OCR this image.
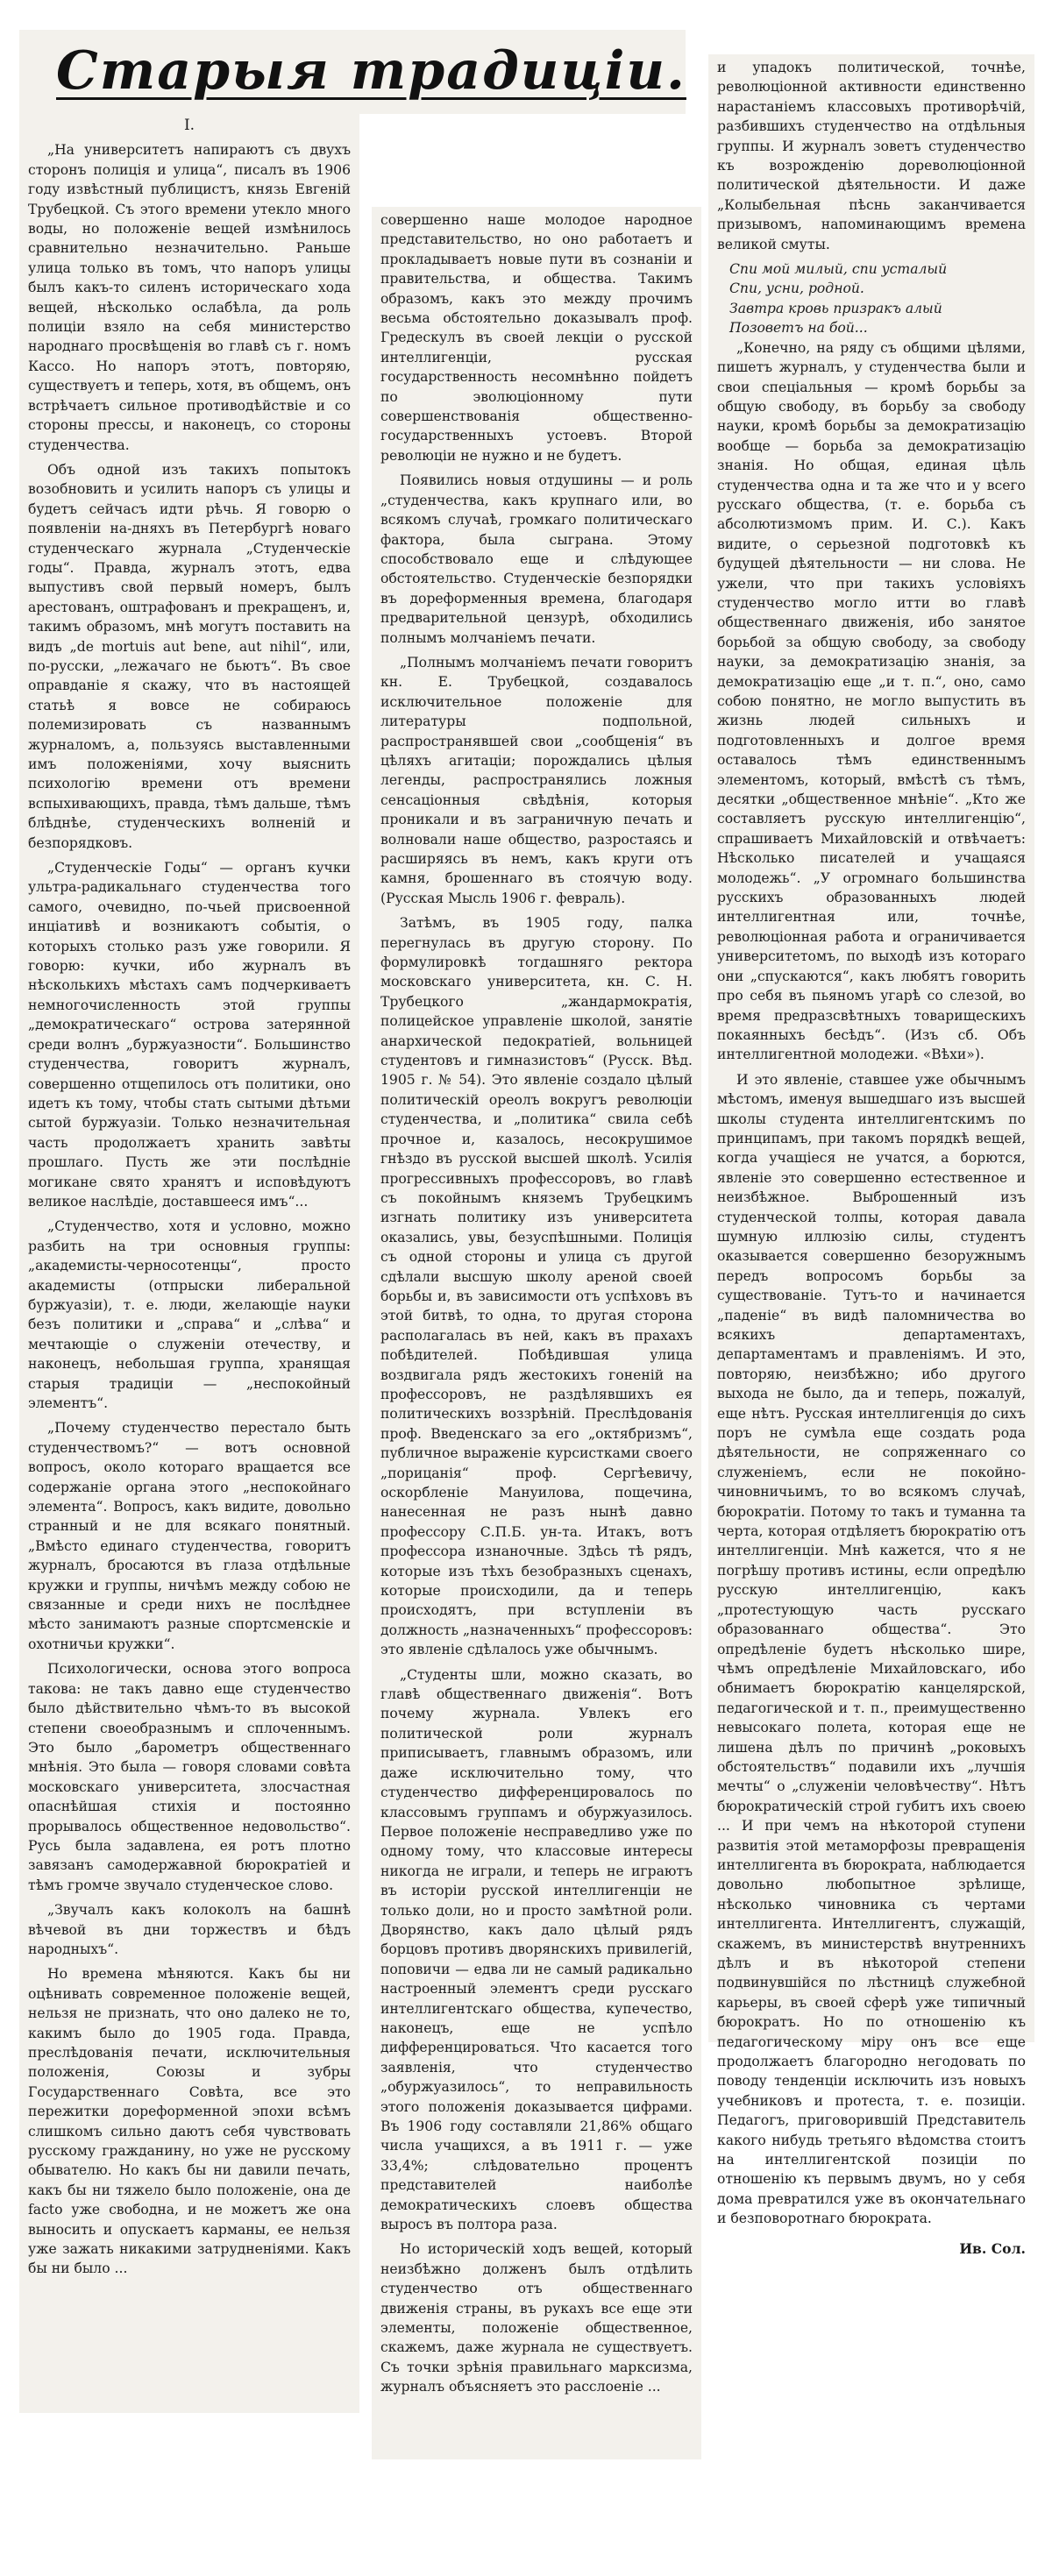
Старыя традиціи.

I.

„На университетъ напираютъ съ двухъ сторонъ полиція и улица“, писалъ въ 1906 году извѣстный публицистъ, князь Евгеній Трубецкой. Съ этого времени утекло много воды, но положеніе вещей измѣнилось сравнительно незначительно. Раньше улица только въ томъ, что напоръ улицы былъ какъ-то силенъ историческаго хода вещей, нѣсколько ослабѣла, да роль полиціи взяло на себя министерство народнаго просвѣщенія во главѣ съ г. номъ Кассо. Но напоръ этотъ, повторяю, существуетъ и теперь, хотя, въ общемъ, онъ встрѣчаетъ сильное противодѣйствіе и со стороны прессы, и наконецъ, со стороны студенчества.

Объ одной изъ такихъ попытокъ возобновить и усилить напоръ съ улицы и будетъ сейчасъ идти рѣчь. Я говорю о появленіи на-дняхъ въ Петербургѣ новаго студенческаго журнала „Студенческіе годы“. Правда, журналъ этотъ, едва выпустивъ свой первый номеръ, былъ арестованъ, оштрафованъ и прекращенъ, и, такимъ образомъ, мнѣ могутъ поставить на видъ „de mortuis aut bene, aut nihil“, или, по-русски, „лежачаго не бьютъ“. Въ свое оправданіе я скажу, что въ настоящей статьѣ я вовсе не собираюсь полемизировать съ названнымъ журналомъ, а, пользуясь выставленными имъ положеніями, хочу выяснить психологію времени отъ времени вспыхивающихъ, правда, тѣмъ дальше, тѣмъ блѣднѣе, студенческихъ волненій и безпорядковъ.

„Студенческіе Годы“ — органъ кучки ультра-радикальнаго студенчества того самого, очевидно, по-чьей присвоенной инціативѣ и возникаютъ событія, о которыхъ столько разъ уже говорили. Я говорю: кучки, ибо журналъ въ нѣсколькихъ мѣстахъ самъ подчеркиваетъ немногочисленность этой группы „демократическаго“ острова затерянной среди волнъ „буржуазности“. Большинство студенчества, говоритъ журналъ, совершенно отщепилось отъ политики, оно идетъ къ тому, чтобы стать сытыми дѣтьми сытой буржуазіи. Только незначительная часть продолжаетъ хранить завѣты прошлаго. Пусть же эти послѣдніе могикане свято хранятъ и исповѣдуютъ великое наслѣдіе, доставшееся имъ“...

„Студенчество, хотя и условно, можно разбить на три основныя группы: „академисты-черносотенцы“, просто академисты (отпрыски либеральной буржуазіи), т. е. люди, желающіе науки безъ политики и „справа“ и „слѣва“ и мечтающіе о служеніи отечеству, и наконецъ, небольшая группа, хранящая старыя традиціи — „неспокойный элементъ“.

„Почему студенчество перестало быть студенчествомъ?“ — вотъ основной вопросъ, около котораго вращается все содержаніе органа этого „неспокойнаго элемента“. Вопросъ, какъ видите, довольно странный и не для всякаго понятный. „Вмѣсто единаго студенчества, говоритъ журналъ, бросаются въ глаза отдѣльные кружки и группы, ничѣмъ между собою не связанные и среди нихъ не послѣднее мѣсто занимаютъ разные спортсменскіе и охотничьи кружки“.

Психологически, основа этого вопроса такова: не такъ давно еще студенчество было дѣйствительно чѣмъ-то въ высокой степени своеобразнымъ и сплоченнымъ. Это было „барометръ общественнаго мнѣнія. Это была — говоря словами совѣта московскаго университета, злосчастная опаснѣйшая стихія и постоянно прорывалось общественное недовольство“. Русь была задавлена, ея ротъ плотно завязанъ самодержавной бюрократіей и тѣмъ громче звучало студенческое слово.

„Звучалъ какъ колоколъ на башнѣ вѣчевой въ дни торжествъ и бѣдъ народныхъ“.

Но времена мѣняются. Какъ бы ни оцѣнивать современное положеніе вещей, нельзя не признать, что оно далеко не то, какимъ было до 1905 года. Правда, преслѣдованія печати, исключительныя положенія, Союзы и зубры Государственнаго Совѣта, все это пережитки дореформенной эпохи всѣмъ слишкомъ сильно даютъ себя чувствовать русскому гражданину, но уже не русскому обывателю. Но какъ бы ни давили печать, какъ бы ни тяжело было положеніе, она де facto уже свободна, и не можетъ же она выносить и опускаетъ карманы, ее нельзя уже зажать никакими затрудненіями. Какъ бы ни было ...

совершенно наше молодое народное представительство, но оно работаетъ и прокладываетъ новые пути въ сознаніи и правительства, и общества. Такимъ образомъ, какъ это между прочимъ весьма обстоятельно доказывалъ проф. Гредескулъ въ своей лекціи о русской интеллигенціи, русская государственность несомнѣнно пойдетъ по эволюціонному пути совершенствованія общественно-государственныхъ устоевъ. Второй революціи не нужно и не будетъ.

Появились новыя отдушины — и роль „студенчества, какъ крупнаго или, во всякомъ случаѣ, громкаго политическаго фактора, была сыграна. Этому способствовало еще и слѣдующее обстоятельство. Студенческіе безпорядки въ дореформенныя времена, благодаря предварительной цензурѣ, обходились полнымъ молчаніемъ печати.

„Полнымъ молчаніемъ печати говоритъ кн. Е. Трубецкой, создавалось исключительное положеніе для литературы подпольной, распространявшей свои „сообщенія“ въ цѣляхъ агитаціи; порождались цѣлыя легенды, распространялись ложныя сенсаціонныя свѣдѣнія, которыя проникали и въ заграничную печать и волновали наше общество, разростаясь и расширяясь въ немъ, какъ круги отъ камня, брошеннаго въ стоячую воду. (Русская Мысль 1906 г. февраль).

Затѣмъ, въ 1905 году, палка перегнулась въ другую сторону. По формулировкѣ тогдашняго ректора московскаго университета, кн. С. Н. Трубецкого „жандармократія, полицейское управленіе школой, занятіе анархической педократіей, вольницей студентовъ и гимназистовъ“ (Русск. Вѣд. 1905 г. № 54). Это явленіе создало цѣлый политическій ореолъ вокругъ революціи студенчества, и „политика“ свила себѣ прочное и, казалось, несокрушимое гнѣздо въ русской высшей школѣ. Усилія прогрессивныхъ профессоровъ, во главѣ съ покойнымъ княземъ Трубецкимъ изгнать политику изъ университета оказались, увы, безуспѣшными. Полиція съ одной стороны и улица съ другой сдѣлали высшую школу ареной своей борьбы и, въ зависимости отъ успѣховъ въ этой битвѣ, то одна, то другая сторона располагалась въ ней, какъ въ прахахъ побѣдителей. Побѣдившая улица воздвигала рядъ жестокихъ гоненій на профессоровъ, не раздѣлявшихъ ея политическихъ воззрѣній. Преслѣдованія проф. Введенскаго за его „октябризмъ“, публичное выраженіе курсистками своего „порицанія“ проф. Сергѣевичу, оскорбленіе Мануилова, пощечина, нанесенная не разъ нынѣ давно профессору С.П.Б. ун-та. Итакъ, вотъ профессора изнаночные. Здѣсь тѣ рядъ, которые изъ тѣхъ безобразныхъ сценахъ, которые происходили, да и теперь происходятъ, при вступленіи въ должность „назначенныхъ“ профессоровъ: это явленіе сдѣлалось уже обычнымъ.

„Студенты шли, можно сказать, во главѣ общественнаго движенія“. Вотъ почему журнала. Увлекъ его политической роли журналъ приписываетъ, главнымъ образомъ, или даже исключительно тому, что студенчество дифференцировалось по классовымъ группамъ и обуржуазилось. Первое положеніе несправедливо уже по одному тому, что классовые интересы никогда не играли, и теперь не играютъ въ исторіи русской интеллигенціи не только доли, но и просто замѣтной роли. Дворянство, какъ дало цѣлый рядъ борцовъ противъ дворянскихъ привилегій, поповичи — едва ли не самый радикально настроенный элементъ среди русскаго интеллигентскаго общества, купечество, наконецъ, еще не успѣло дифференцироваться. Что касается того заявленія, что студенчество „обуржуазилось“, то неправильность этого положенія доказывается цифрами. Въ 1906 году составляли 21,86% общаго числа учащихся, а въ 1911 г. — уже 33,4%; слѣдовательно процентъ представителей наиболѣе демократическихъ слоевъ общества выросъ въ полтора раза.

Но историческій ходъ вещей, который неизбѣжно долженъ былъ отдѣлить студенчество отъ общественнаго движенія страны, въ рукахъ все еще эти элементы, положеніе общественное, скажемъ, даже журнала не существуетъ. Съ точки зрѣнія правильнаго марксизма, журналъ объясняетъ это расслоеніе ...

и упадокъ политической, точнѣе, революціонной активности единственно нарастаніемъ классовыхъ противорѣчій, разбившихъ студенчество на отдѣльныя группы. И журналъ зоветъ студенчество къ возрожденію дореволюціонной политической дѣятельности. И даже „Колыбельная пѣснь заканчивается призывомъ, напоминающимъ времена великой смуты.

Спи мой милый, спи усталый

Спи, усни, родной.

Завтра кровь призракъ алый

Позоветъ на бой...

„Конечно, на ряду съ общими цѣлями, пишетъ журналъ, у студенчества были и свои спеціальныя — кромѣ борьбы за общую свободу, въ борьбу за свободу науки, кромѣ борьбы за демократизацію вообще — борьба за демократизацію знанія. Но общая, единая цѣль студенчества одна и та же что и у всего русскаго общества, (т. е. борьба съ абсолютизмомъ прим. И. С.). Какъ видите, о серьезной подготовкѣ къ будущей дѣятельности — ни слова. Не ужели, что при такихъ условіяхъ студенчество могло итти во главѣ общественнаго движенія, ибо занятое борьбой за общую свободу, за свободу науки, за демократизацію знанія, за демократизацію еще „и т. п.“, оно, само собою понятно, не могло выпустить въ жизнь людей сильныхъ и подготовленныхъ и долгое время оставалось тѣмъ единственнымъ элементомъ, который, вмѣстѣ съ тѣмъ, десятки „общественное мнѣніе“. „Кто же составляетъ русскую интеллигенцію“, спрашиваетъ Михайловскій и отвѣчаетъ: Нѣсколько писателей и учащаяся молодежь“. „У огромнаго большинства русскихъ образованныхъ людей интеллигентная или, точнѣе, революціонная работа и ограничивается университетомъ, по выходѣ изъ котораго они „спускаются“, какъ любятъ говорить про себя въ пьяномъ угарѣ со слезой, во время предразсвѣтныхъ товарищескихъ покаянныхъ бесѣдъ“. (Изъ сб. Объ интеллигентной молодежи. «Вѣхи»).

И это явленіе, ставшее уже обычнымъ мѣстомъ, именуя вышедшаго изъ высшей школы студента интеллигентскимъ по принципамъ, при такомъ порядкѣ вещей, когда учащіеся не учатся, а борются, явленіе это совершенно естественное и неизбѣжное. Выброшенный изъ студенческой толпы, которая давала шумную иллюзію силы, студентъ оказывается совершенно безоружнымъ передъ вопросомъ борьбы за существованіе. Тутъ-то и начинается „паденіе“ въ видѣ паломничества во всякихъ департаментахъ, департаментамъ и правленіямъ. И это, повторяю, неизбѣжно; ибо другого выхода не было, да и теперь, пожалуй, еще нѣтъ. Русская интеллигенція до сихъ поръ не сумѣла еще создать рода дѣятельности, не сопряженнаго со служеніемъ, если не покойно-чиновничьимъ, то во всякомъ случаѣ, бюрократіи. Потому то такъ и туманна та черта, которая отдѣляетъ бюрократію отъ интеллигенціи. Мнѣ кажется, что я не погрѣшу противъ истины, если опредѣлю русскую интеллигенцію, какъ „протестующую часть русскаго образованнаго общества“. Это опредѣленіе будетъ нѣсколько шире, чѣмъ опредѣленіе Михайловскаго, ибо обнимаетъ бюрократію канцелярской, педагогической и т. п., преимущественно невысокаго полета, которая еще не лишена дѣлъ по причинѣ „роковыхъ обстоятельствъ“ подавили ихъ „лучшія мечты“ о „служеніи человѣчеству“. Нѣтъ бюрократическій строй губитъ ихъ своею ... И при чемъ на нѣкоторой ступени развитія этой метаморфозы превращенія интеллигента въ бюрократа, наблюдается довольно любопытное зрѣлище, нѣсколько чиновника съ чертами интеллигента. Интеллигентъ, служащій, скажемъ, въ министерствѣ внутреннихъ дѣлъ и въ нѣкоторой степени подвинувшійся по лѣстницѣ служебной карьеры, въ своей сферѣ уже типичный бюрократъ. Но по отношенію къ педагогическому міру онъ все еще продолжаетъ благородно негодовать по поводу тенденціи исключить изъ новыхъ учебниковъ и протеста, т. е. позиціи. Педагогъ, приговорившій Представитель какого нибудь третьяго вѣдомства стоитъ на интеллигентской позиціи по отношенію къ первымъ двумъ, но у себя дома превратился уже въ окончательнаго и безповоротнаго бюрократа.

Ив. Сол.
